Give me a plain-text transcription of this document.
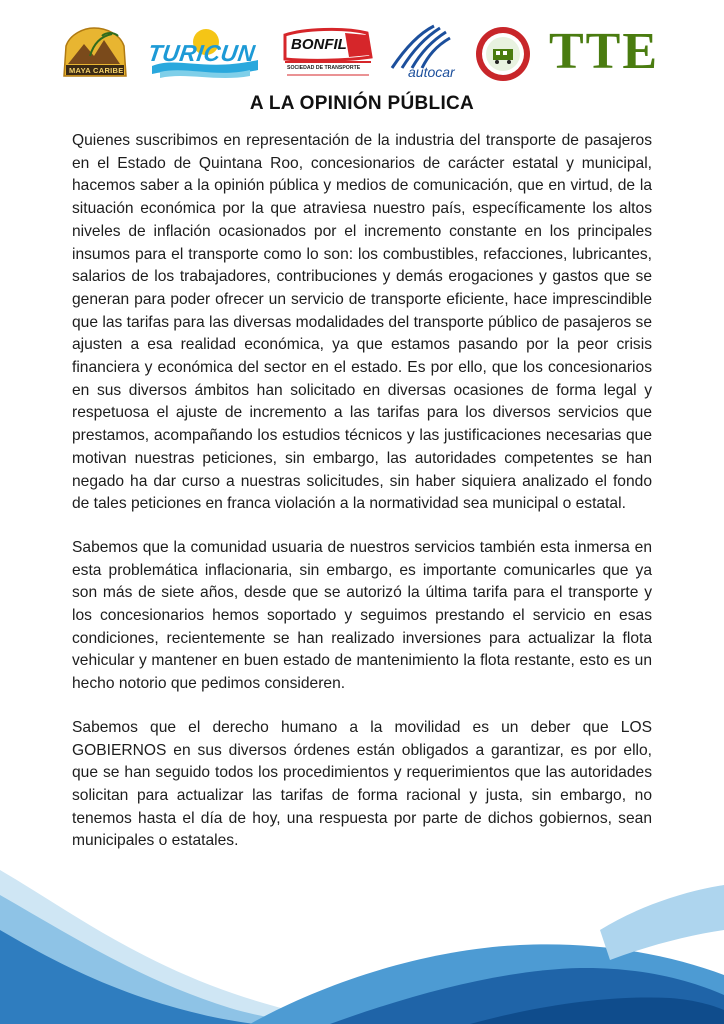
MAYA CARIBE
TURICUN BONFIL
SOCIEDAD DE TRANSPORTE	autocar TTE
A LA OPINIÓN PÚBLICA

Quienes suscribimos en representación de la industria del transporte de pasajeros en el Estado de Quintana Roo, concesionarios de carácter estatal y municipal, hacemos saber a la opinión pública y medios de comunicación, que en virtud, de la situación económica por la que atraviesa nuestro país, específicamente los altos niveles de inflación ocasionados por el incremento constante en los principales insumos para el transporte como lo son: los combustibles, refacciones, lubricantes, salarios de los trabajadores, contribuciones y demás erogaciones y gastos que se generan para poder ofrecer un servicio de transporte eficiente, hace imprescindible que las tarifas para las diversas modalidades del transporte público de pasajeros se ajusten a esa realidad económica, ya que estamos pasando por la peor crisis financiera y económica del sector en el estado. Es por ello, que los concesionarios en sus diversos ámbitos han solicitado en diversas ocasiones de forma legal y respetuosa el ajuste de incremento a las tarifas para los diversos servicios que prestamos, acompañando los estudios técnicos y las justificaciones necesarias que motivan nuestras peticiones, sin embargo, las autoridades competentes se han negado ha dar curso a nuestras solicitudes, sin haber siquiera analizado el fondo de tales peticiones en franca violación a la normatividad sea municipal o estatal.

Sabemos que la comunidad usuaria de nuestros servicios también esta inmersa en esta problemática inflacionaria, sin embargo, es importante comunicarles que ya son más de siete años, desde que se autorizó la última tarifa para el transporte y los concesionarios hemos soportado y seguimos prestando el servicio en esas condiciones, recientemente se han realizado inversiones para actualizar la flota vehicular y mantener en buen estado de mantenimiento la flota restante, esto es un hecho notorio que pedimos consideren.

Sabemos que el derecho humano a la movilidad es un deber que LOS GOBIERNOS en sus diversos órdenes están obligados a garantizar, es por ello, que se han seguido todos los procedimientos y requerimientos que las autoridades solicitan para actualizar las tarifas de forma racional y justa, sin embargo, no tenemos hasta el día de hoy, una respuesta por parte de dichos gobiernos, sean municipales o estatales.
